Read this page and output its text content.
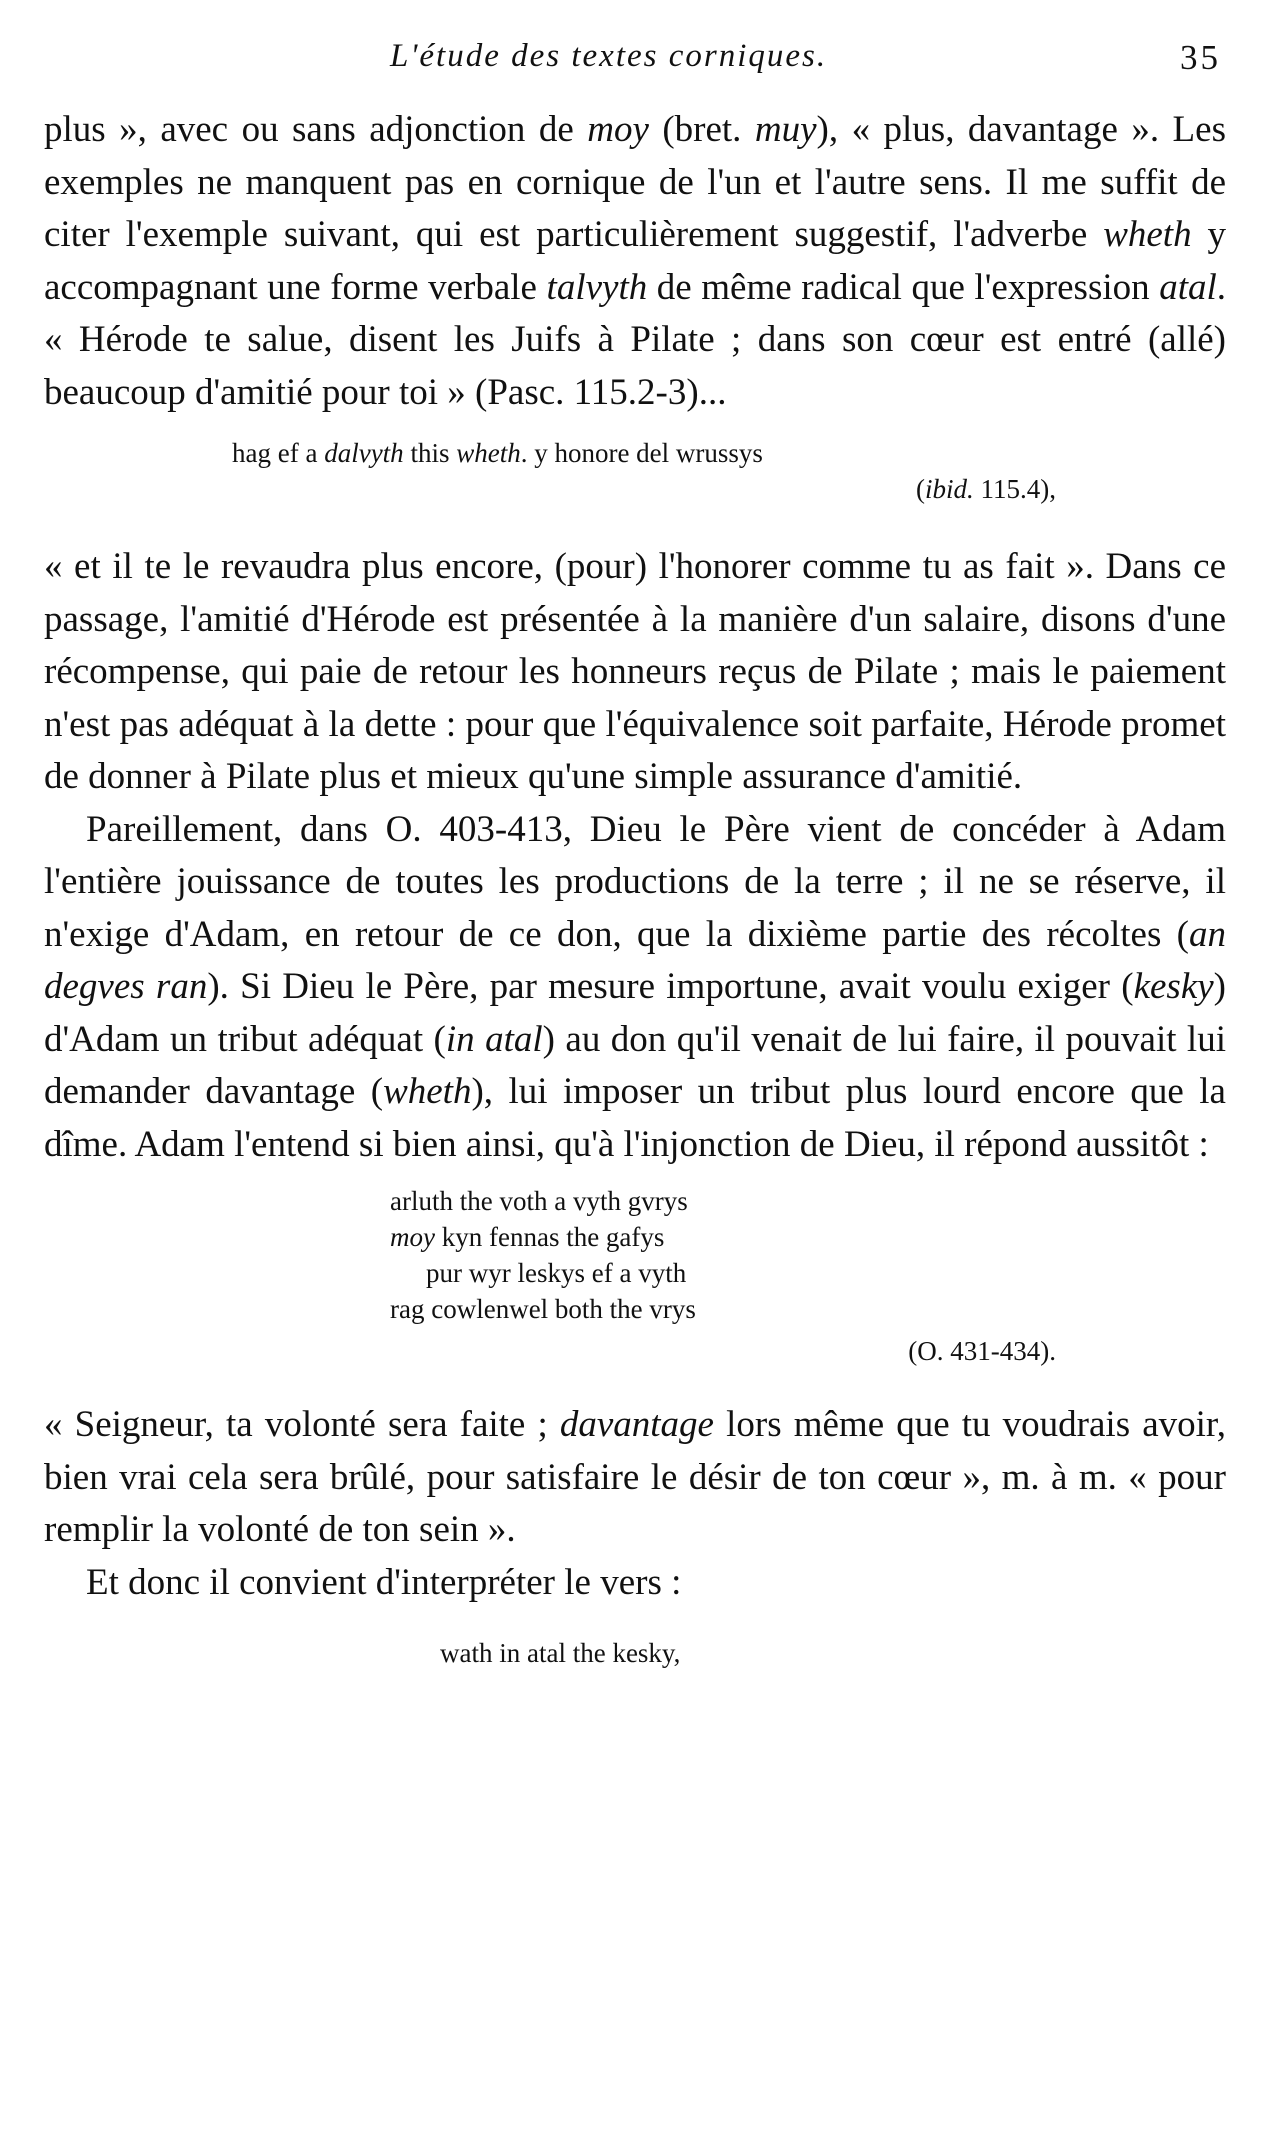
L'étude des textes corniques.	35

plus », avec ou sans adjonction de moy (bret. muy), « plus, davantage ». Les exemples ne manquent pas en cornique de l'un et l'autre sens. Il me suffit de citer l'exemple suivant, qui est particulièrement suggestif, l'adverbe wheth y accompagnant une forme verbale talvyth de même radical que l'expression atal. « Hérode te salue, disent les Juifs à Pilate ; dans son cœur est entré (allé) beaucoup d'amitié pour toi » (Pasc. 115.2-3)...

hag ef a dalvyth this wheth. y honore del wrussys
(ibid. 115.4),

« et il te le revaudra plus encore, (pour) l'honorer comme tu as fait ». Dans ce passage, l'amitié d'Hérode est présentée à la manière d'un salaire, disons d'une récompense, qui paie de retour les honneurs reçus de Pilate ; mais le paiement n'est pas adéquat à la dette : pour que l'équivalence soit parfaite, Hérode promet de donner à Pilate plus et mieux qu'une simple assurance d'amitié.

Pareillement, dans O. 403-413, Dieu le Père vient de concéder à Adam l'entière jouissance de toutes les productions de la terre ; il ne se réserve, il n'exige d'Adam, en retour de ce don, que la dixième partie des récoltes (an degves ran). Si Dieu le Père, par mesure importune, avait voulu exiger (kesky) d'Adam un tribut adéquat (in atal) au don qu'il venait de lui faire, il pouvait lui demander davantage (wheth), lui imposer un tribut plus lourd encore que la dîme. Adam l'entend si bien ainsi, qu'à l'injonction de Dieu, il répond aussitôt :

arluth the voth a vyth gvrys
moy kyn fennas the gafys
pur wyr leskys ef a vyth
rag cowlenwel both the vrys
(O. 431-434).

« Seigneur, ta volonté sera faite ; davantage lors même que tu voudrais avoir, bien vrai cela sera brûlé, pour satisfaire le désir de ton cœur », m. à m. « pour remplir la volonté de ton sein ».

Et donc il convient d'interpréter le vers :

wath in atal the kesky,
